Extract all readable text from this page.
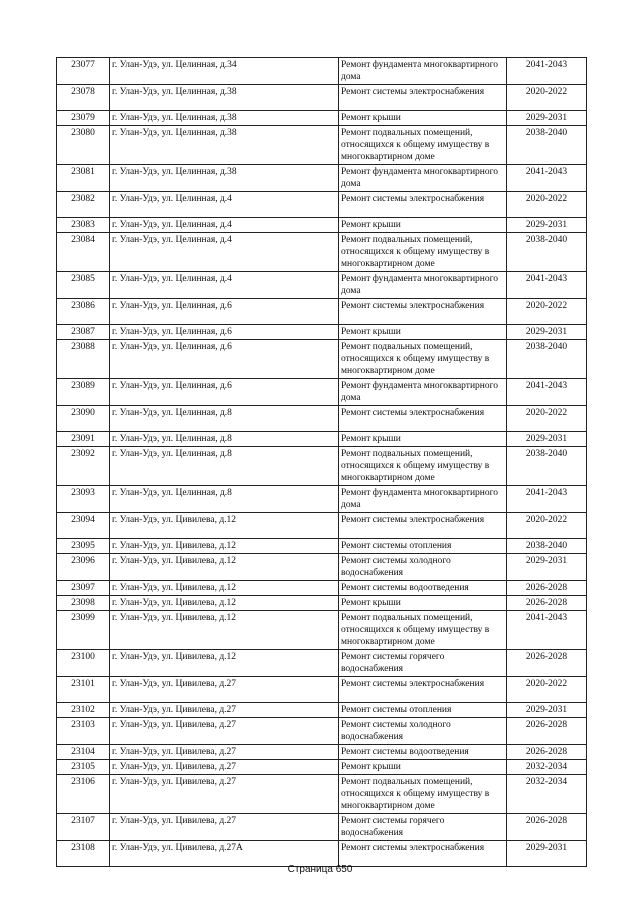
23077	г. Улан-Удэ, ул. Целинная, д.34	Ремонт фундамента многоквартирного дома	2041-2043
23078	г. Улан-Удэ, ул. Целинная, д.38	Ремонт системы электроснабжения	2020-2022
23079	г. Улан-Удэ, ул. Целинная, д.38	Ремонт крыши	2029-2031
23080	г. Улан-Удэ, ул. Целинная, д.38	Ремонт подвальных помещений, относящихся к общему имуществу в многоквартирном доме	2038-2040
23081	г. Улан-Удэ, ул. Целинная, д.38	Ремонт фундамента многоквартирного дома	2041-2043
23082	г. Улан-Удэ, ул. Целинная, д.4	Ремонт системы электроснабжения	2020-2022
23083	г. Улан-Удэ, ул. Целинная, д.4	Ремонт крыши	2029-2031
23084	г. Улан-Удэ, ул. Целинная, д.4	Ремонт подвальных помещений, относящихся к общему имуществу в многоквартирном доме	2038-2040
23085	г. Улан-Удэ, ул. Целинная, д.4	Ремонт фундамента многоквартирного дома	2041-2043
23086	г. Улан-Удэ, ул. Целинная, д.6	Ремонт системы электроснабжения	2020-2022
23087	г. Улан-Удэ, ул. Целинная, д.6	Ремонт крыши	2029-2031
23088	г. Улан-Удэ, ул. Целинная, д.6	Ремонт подвальных помещений, относящихся к общему имуществу в многоквартирном доме	2038-2040
23089	г. Улан-Удэ, ул. Целинная, д.6	Ремонт фундамента многоквартирного дома	2041-2043
23090	г. Улан-Удэ, ул. Целинная, д.8	Ремонт системы электроснабжения	2020-2022
23091	г. Улан-Удэ, ул. Целинная, д.8	Ремонт крыши	2029-2031
23092	г. Улан-Удэ, ул. Целинная, д.8	Ремонт подвальных помещений, относящихся к общему имуществу в многоквартирном доме	2038-2040
23093	г. Улан-Удэ, ул. Целинная, д.8	Ремонт фундамента многоквартирного дома	2041-2043
23094	г. Улан-Удэ, ул. Цивилева, д.12	Ремонт системы электроснабжения	2020-2022
23095	г. Улан-Удэ, ул. Цивилева, д.12	Ремонт системы отопления	2038-2040
23096	г. Улан-Удэ, ул. Цивилева, д.12	Ремонт системы холодного водоснабжения	2029-2031
23097	г. Улан-Удэ, ул. Цивилева, д.12	Ремонт системы водоотведения	2026-2028
23098	г. Улан-Удэ, ул. Цивилева, д.12	Ремонт крыши	2026-2028
23099	г. Улан-Удэ, ул. Цивилева, д.12	Ремонт подвальных помещений, относящихся к общему имуществу в многоквартирном доме	2041-2043
23100	г. Улан-Удэ, ул. Цивилева, д.12	Ремонт системы горячего водоснабжения	2026-2028
23101	г. Улан-Удэ, ул. Цивилева, д.27	Ремонт системы электроснабжения	2020-2022
23102	г. Улан-Удэ, ул. Цивилева, д.27	Ремонт системы отопления	2029-2031
23103	г. Улан-Удэ, ул. Цивилева, д.27	Ремонт системы холодного водоснабжения	2026-2028
23104	г. Улан-Удэ, ул. Цивилева, д.27	Ремонт системы водоотведения	2026-2028
23105	г. Улан-Удэ, ул. Цивилева, д.27	Ремонт крыши	2032-2034
23106	г. Улан-Удэ, ул. Цивилева, д.27	Ремонт подвальных помещений, относящихся к общему имуществу в многоквартирном доме	2032-2034
23107	г. Улан-Удэ, ул. Цивилева, д.27	Ремонт системы горячего водоснабжения	2026-2028
23108	г. Улан-Удэ, ул. Цивилева, д.27А	Ремонт системы электроснабжения	2029-2031
Страница 650
